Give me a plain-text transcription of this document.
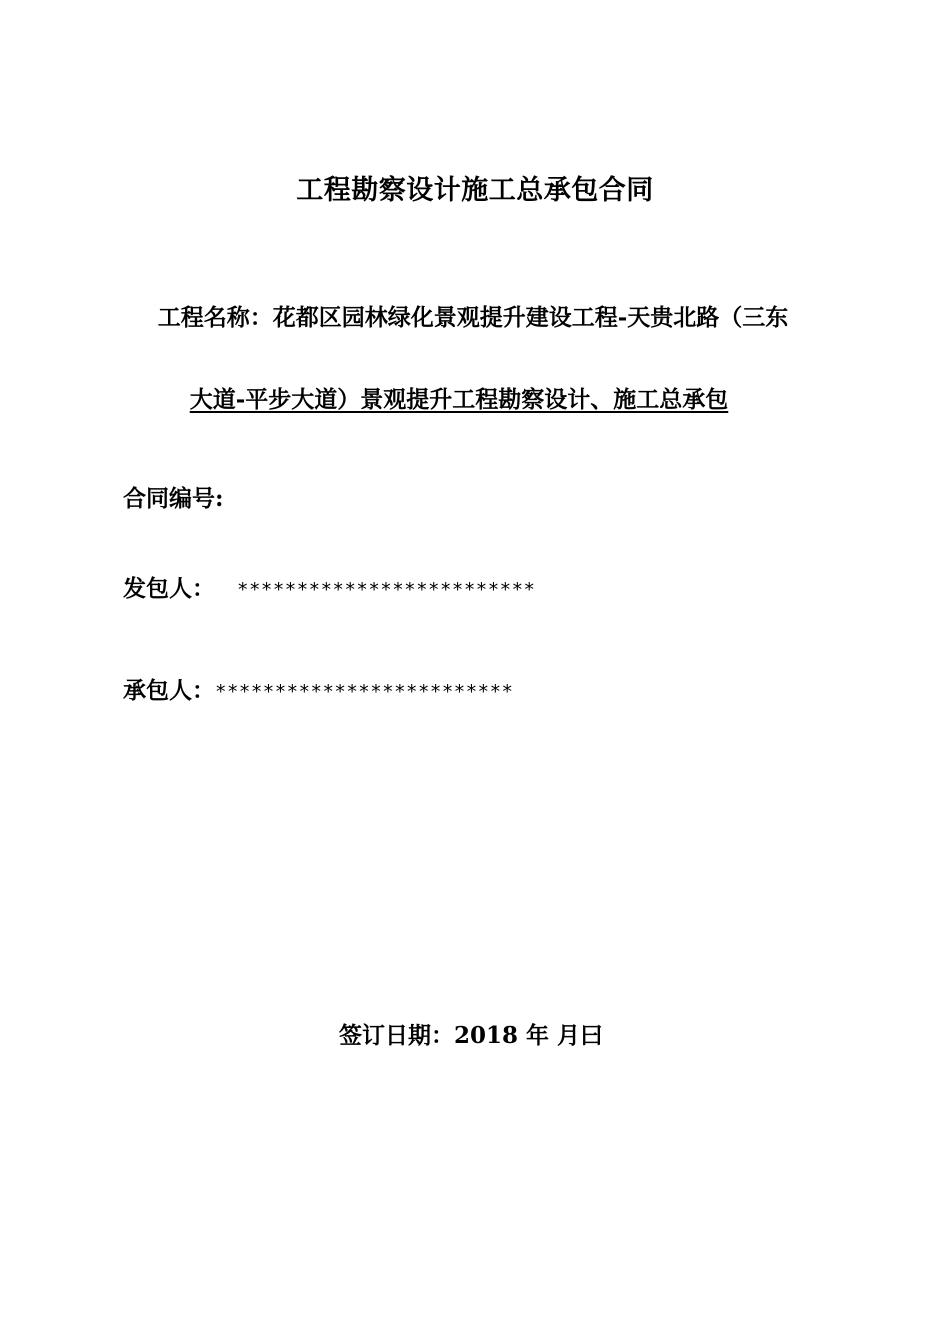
工程勘察设计施工总承包合同
工程名称：花都区园林绿化景观提升建设工程-天贵北路（三东
大道-平步大道）景观提升工程勘察设计、施工总承包
合同编号:
发包人： *************************
承包人：*************************
签订日期：2018 年 月曰
